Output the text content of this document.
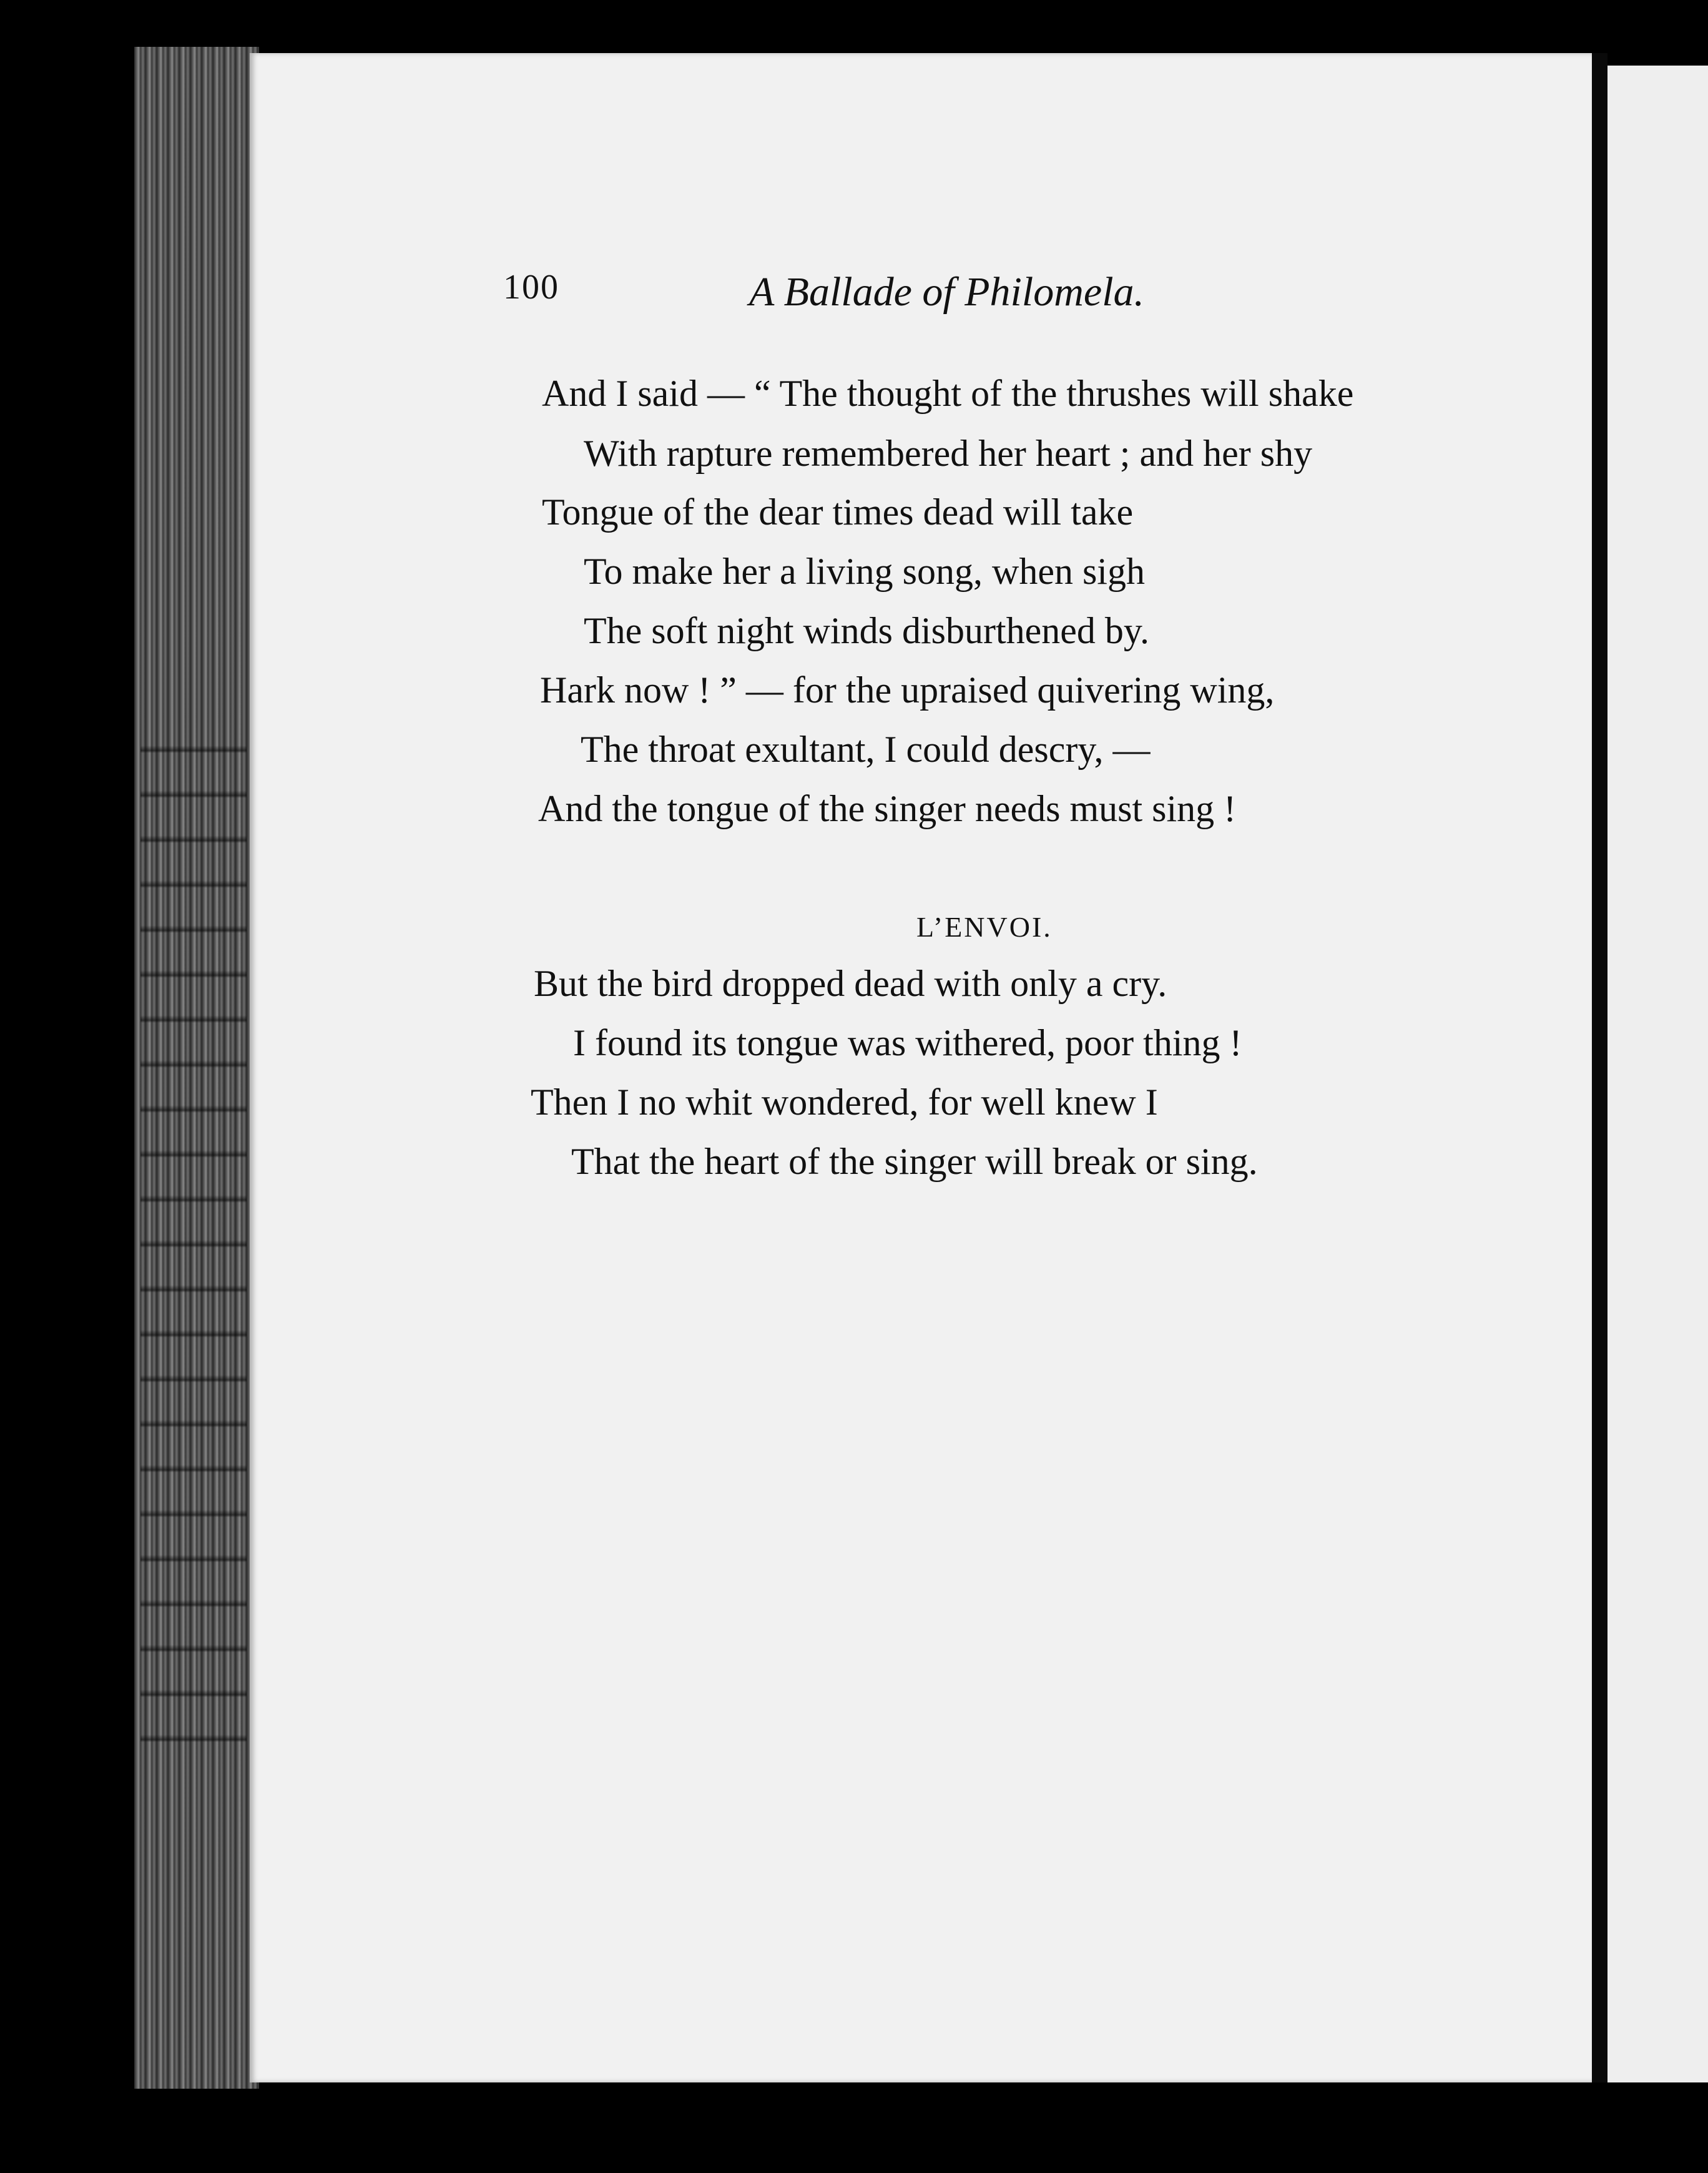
100	A Ballade of Philomela.
And I said — “ The thought of the thrushes will shake
With rapture remembered her heart ; and her shy
Tongue of the dear times dead will take
To make her a living song, when sigh
The soft night winds disburthened by.
Hark now ! ” — for the upraised quivering wing,
The throat exultant, I could descry, —
And the tongue of the singer needs must sing !
L’ENVOI.
But the bird dropped dead with only a cry.
I found its tongue was withered, poor thing !
Then I no whit wondered, for well knew I
That the heart of the singer will break or sing.
